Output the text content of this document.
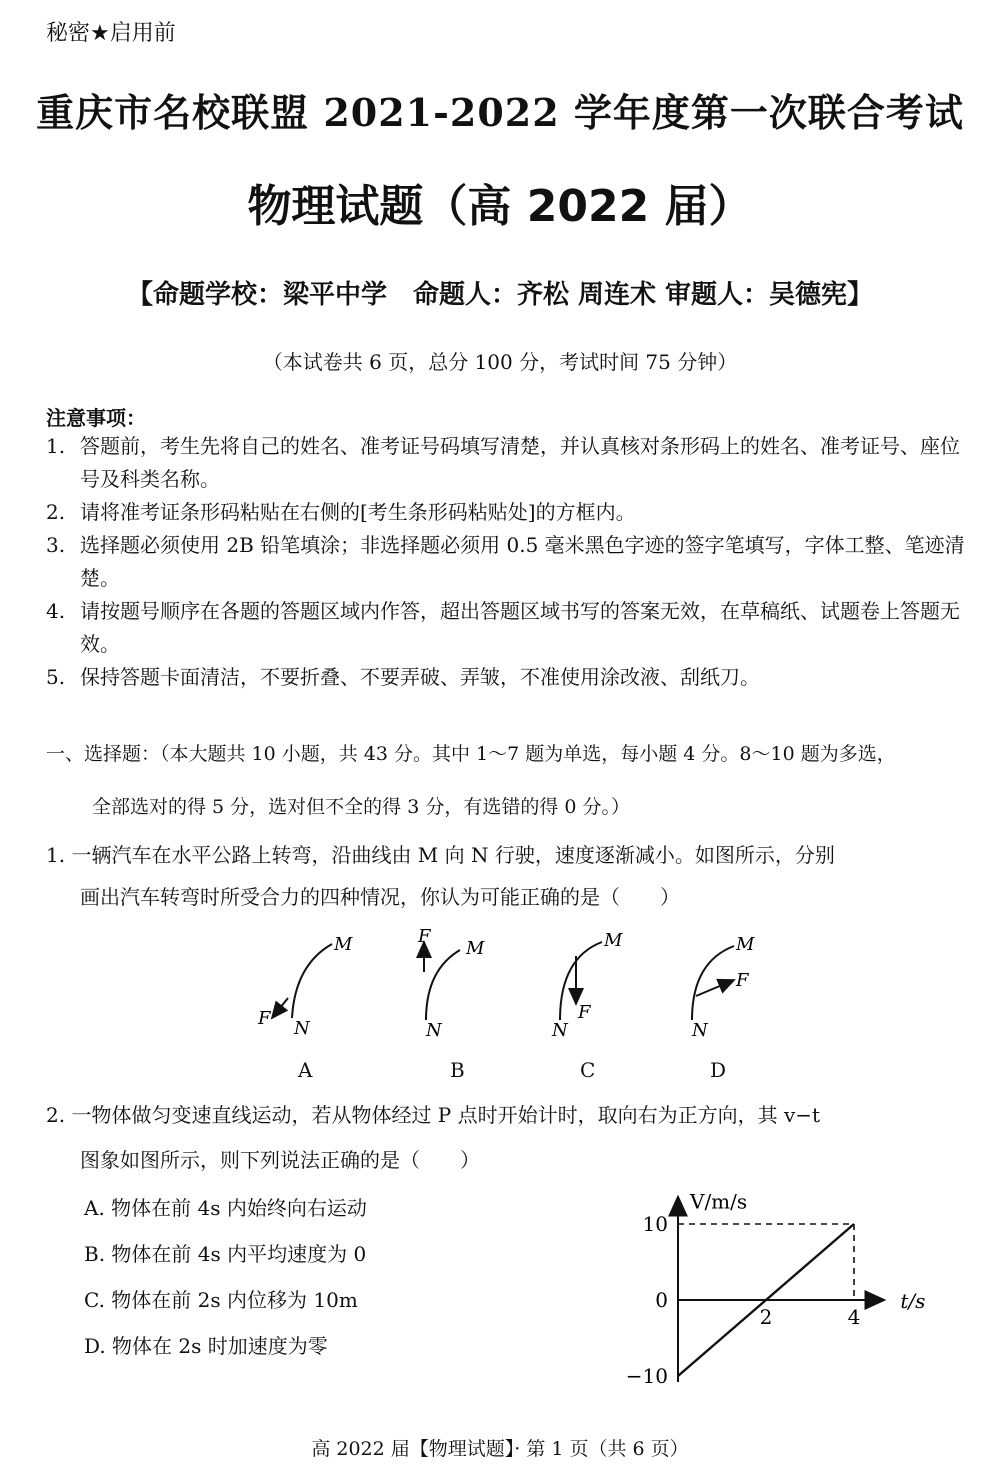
秘密★启用前
重庆市名校联盟 2021-2022 学年度第一次联合考试
物理试题（高 2022 届）
【命题学校：梁平中学　命题人：齐松 周连术 审题人：吴德宪】
（本试卷共 6 页，总分 100 分，考试时间 75 分钟）
注意事项：
1. 答题前，考生先将自己的姓名、准考证号码填写清楚，并认真核对条形码上的姓名、准考证号、座位号及科类名称。
2. 请将准考证条形码粘贴在右侧的[考生条形码粘贴处]的方框内。
3. 选择题必须使用 2B 铅笔填涂；非选择题必须用 0.5 毫米黑色字迹的签字笔填写，字体工整、笔迹清楚。
4. 请按题号顺序在各题的答题区域内作答，超出答题区域书写的答案无效，在草稿纸、试题卷上答题无效。
5. 保持答题卡面清洁，不要折叠、不要弄破、弄皱，不准使用涂改液、刮纸刀。
一、选择题：（本大题共 10 小题，共 43 分。其中 1～7 题为单选，每小题 4 分。8～10 题为多选，
全部选对的得 5 分，选对但不全的得 3 分，有选错的得 0 分。）
1. 一辆汽车在水平公路上转弯，沿曲线由 M 向 N 行驶，速度逐渐减小。如图所示，分别
画出汽车转弯时所受合力的四种情况，你认为可能正确的是（　　）
M
N
F
F
M
N
M
F
N
M
F
N
A	B	C	D
2. 一物体做匀变速直线运动，若从物体经过 P 点时开始计时，取向右为正方向，其 v−t
图象如图所示，则下列说法正确的是（　　）
A. 物体在前 4s 内始终向右运动
B. 物体在前 4s 内平均速度为 0
C. 物体在前 2s 内位移为 10m
D. 物体在 2s 时加速度为零
V/m/s
t/s
2	4
10
0
−10
高 2022 届【物理试题】· 第 1 页（共 6 页）
